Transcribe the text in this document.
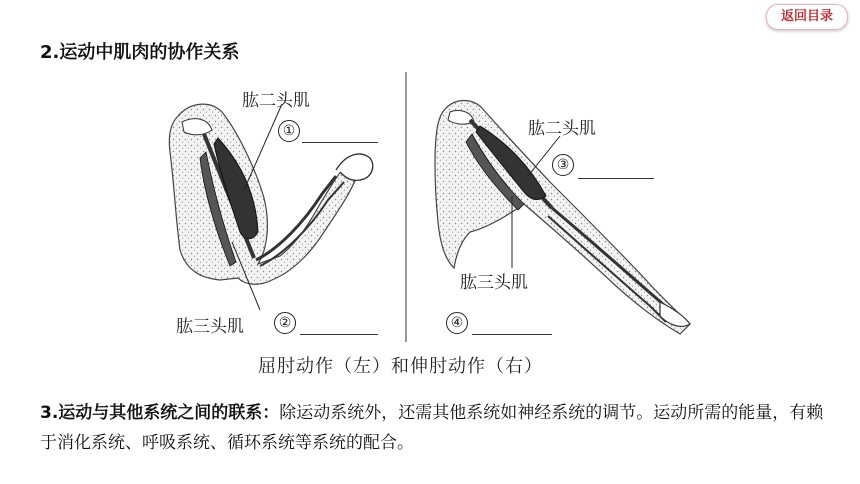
返回目录
2.运动中肌肉的协作关系
肱二头肌
①
肱三头肌	②
肱二头肌
③
肱三头肌
④
屈肘动作（左）和伸肘动作（右）
3.运动与其他系统之间的联系：除运动系统外，还需其他系统如神经系统的调节。运动所需的能量，有赖于消化系统、呼吸系统、循环系统等系统的配合。
